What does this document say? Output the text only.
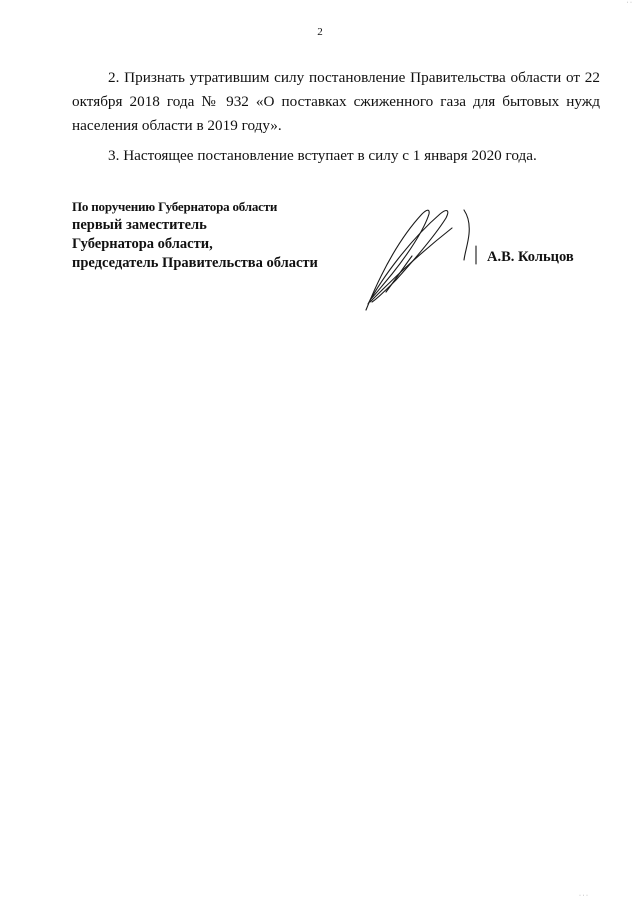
2
2. Признать утратившим силу постановление Правительства области от 22 октября 2018 года № 932 «О поставках сжиженного газа для бытовых нужд населения области в 2019 году».
3. Настоящее постановление вступает в силу с 1 января 2020 года.
По поручению Губернатора области
первый заместитель
Губернатора области,
председатель Правительства области	А.В. Кольцов
· ·
· · ·
